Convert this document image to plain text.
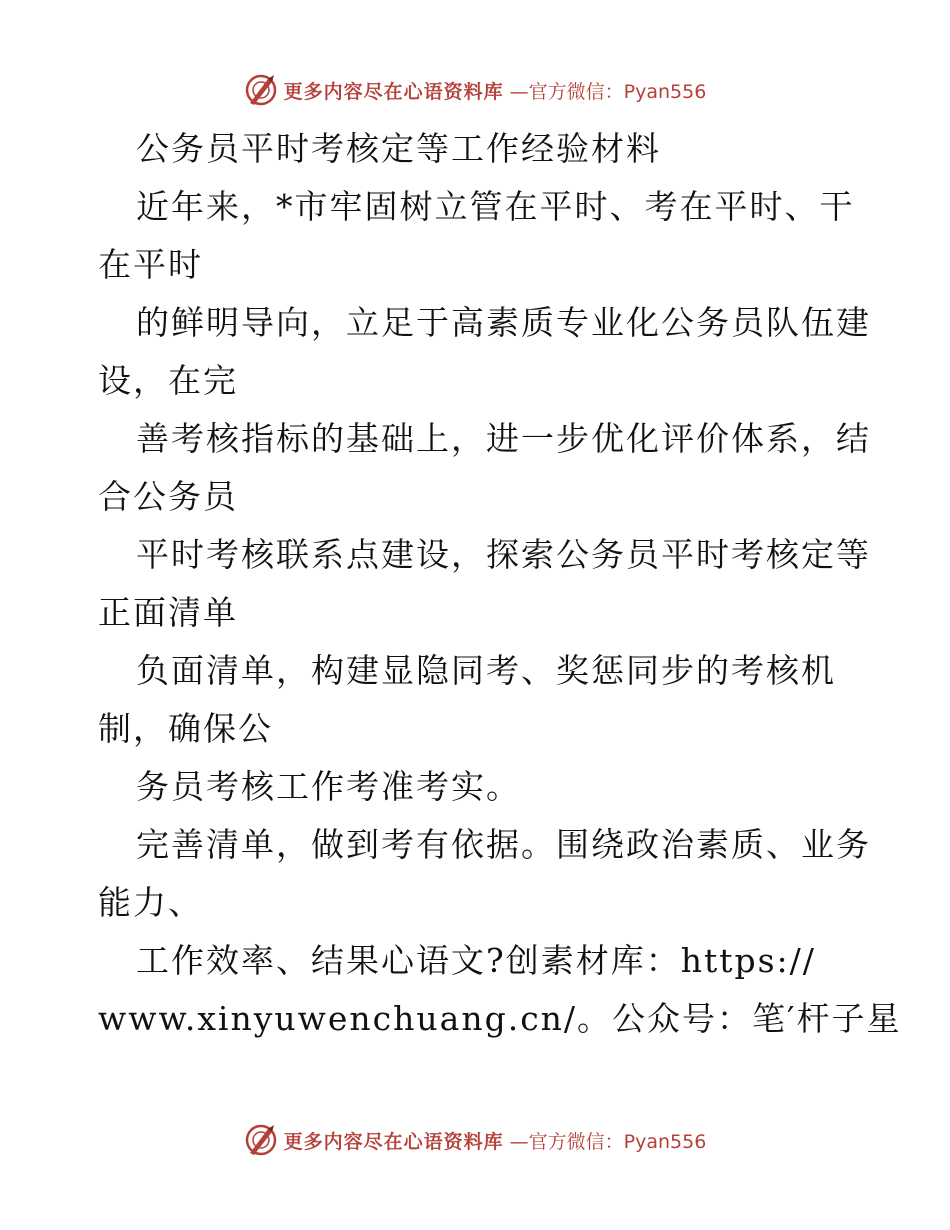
更多内容尽在心语资料库 —官方微信：Pyan556
公务员平时考核定等工作经验材料
近年来，*市牢固树立管在平时、考在平时、干
在平时
的鲜明导向，立足于高素质专业化公务员队伍建
设，在完
善考核指标的基础上，进一步优化评价体系，结
合公务员
平时考核联系点建设，探索公务员平时考核定等
正面清单
负面清单，构建显隐同考、奖惩同步的考核机
制，确保公
务员考核工作考准考实。
完善清单，做到考有依据。围绕政治素质、业务
能力、
工作效率、结果心语文?创素材库：https://
www.xinyuwenchuang.cn/。公众号：笔′杆子星
更多内容尽在心语资料库 —官方微信：Pyan556
